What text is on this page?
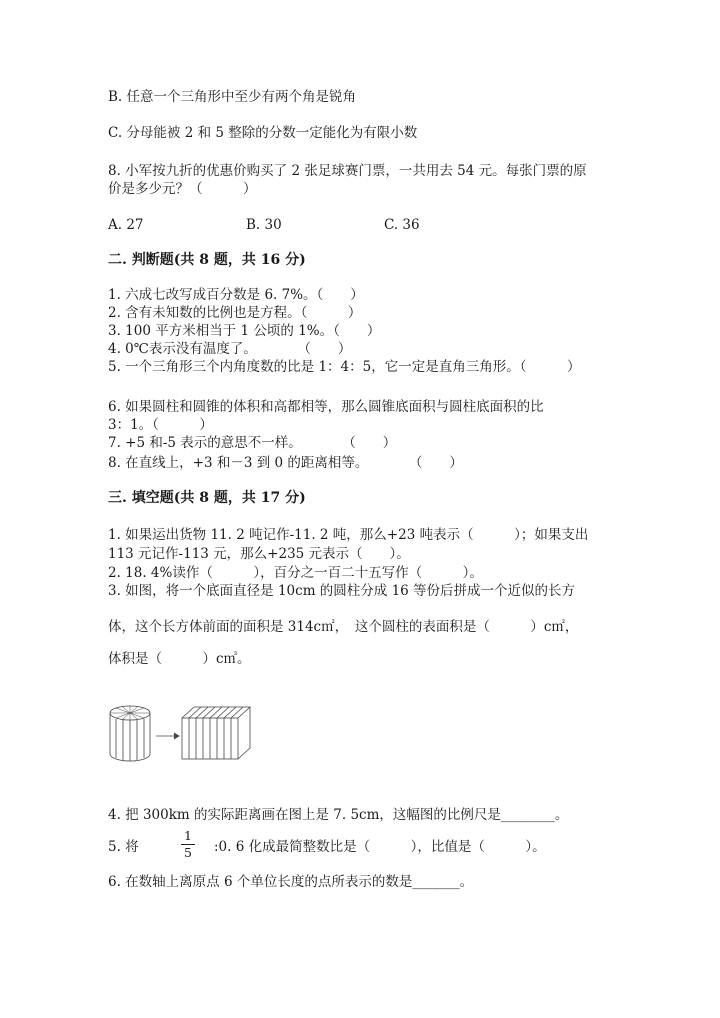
B. 任意一个三角形中至少有两个角是锐角
C. 分母能被 2 和 5 整除的分数一定能化为有限小数
8. 小军按九折的优惠价购买了 2 张足球赛门票，一共用去 54 元。每张门票的原
价是多少元？（　　　）
A. 27	B. 30	C. 36
二. 判断题(共 8 题，共 16 分)
1. 六成七改写成百分数是 6. 7%。（　　）
2. 含有未知数的比例也是方程。（　　　）
3. 100 平方米相当于 1 公顷的 1%。（　　）
4. 0℃表示没有温度了。　　　　（　　）
5. 一个三角形三个内角度数的比是 1：4：5，它一定是直角三角形。（　　　）
6. 如果圆柱和圆锥的体积和高都相等，那么圆锥底面积与圆柱底面积的比
3：1。（　　　）
7. +5 和-5 表示的意思不一样。　　　　（　　）
8. 在直线上，+3 和－3 到 0 的距离相等。　　　　（　　）
三. 填空题(共 8 题，共 17 分)
1. 如果运出货物 11. 2 吨记作-11. 2 吨，那么+23 吨表示（　　　）；如果支出
113 元记作-113 元，那么+235 元表示（　　）。
2. 18. 4%读作（　　　），百分之一百二十五写作（　　　）。
3. 如图，将一个底面直径是 10cm 的圆柱分成 16 等份后拼成一个近似的长方
体，这个长方体前面的面积是 314c㎡，　这个圆柱的表面积是（　　　）c㎡，
体积是（　　　）c㎥。
4. 把 300km 的实际距离画在图上是 7. 5cm，这幅图的比例尺是________。
5. 将
1
5 :0. 6 化成最简整数比是（　　　），比值是（　　　）。
6. 在数轴上离原点 6 个单位长度的点所表示的数是_______。
